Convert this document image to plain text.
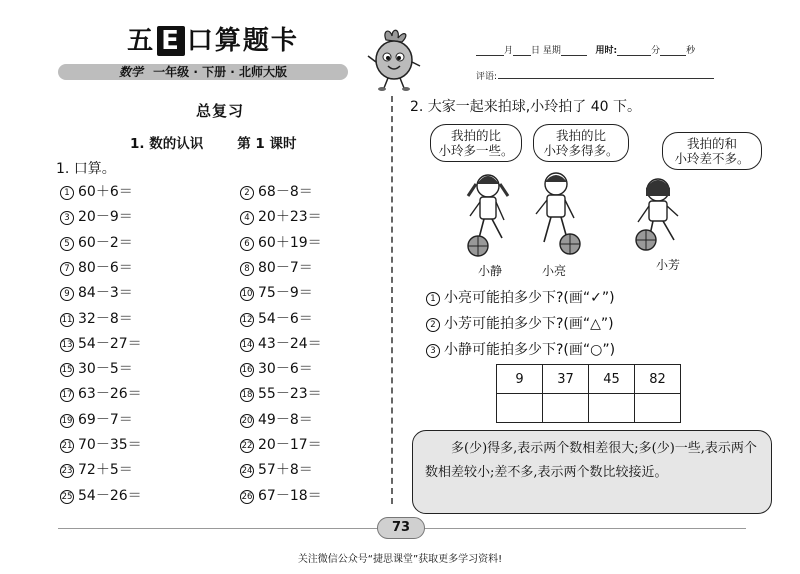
五 E 口算题卡
数学 一年级 · 下册 · 北师大版
月 日 星期	用时:	分	秒
评语:
总复习
1. 数的认识	第 1 课时
1. 口算。
1 60＋6＝	2 68－8＝
3 20－9＝	4 20＋23＝
5 60－2＝	6 60＋19＝
7 80－6＝	8 80－7＝
9 84－3＝	10 75－9＝
11 32－8＝	12 54－6＝
13 54－27＝	14 43－24＝
15 30－5＝	16 30－6＝
17 63－26＝	18 55－23＝
19 69－7＝	20 49－8＝
21 70－35＝	22 20－17＝
23 72＋5＝	24 57＋8＝
25 54－26＝	26 67－18＝
2. 大家一起来拍球,小玲拍了 40 下。
我拍的比
小玲多一些。
我拍的比
小玲多得多。	我拍的和
小玲差不多。
小静	小亮	小芳
1 小亮可能拍多少下?(画“✓”)
2 小芳可能拍多少下?(画“△”)
3 小静可能拍多少下?(画“○”)
9	37	45	82

多(少)得多,表示两个数相差很大;多(少)一些,表示两个数相差较小;差不多,表示两个数比较接近。
73
关注微信公众号“捷思课堂”获取更多学习资料!
